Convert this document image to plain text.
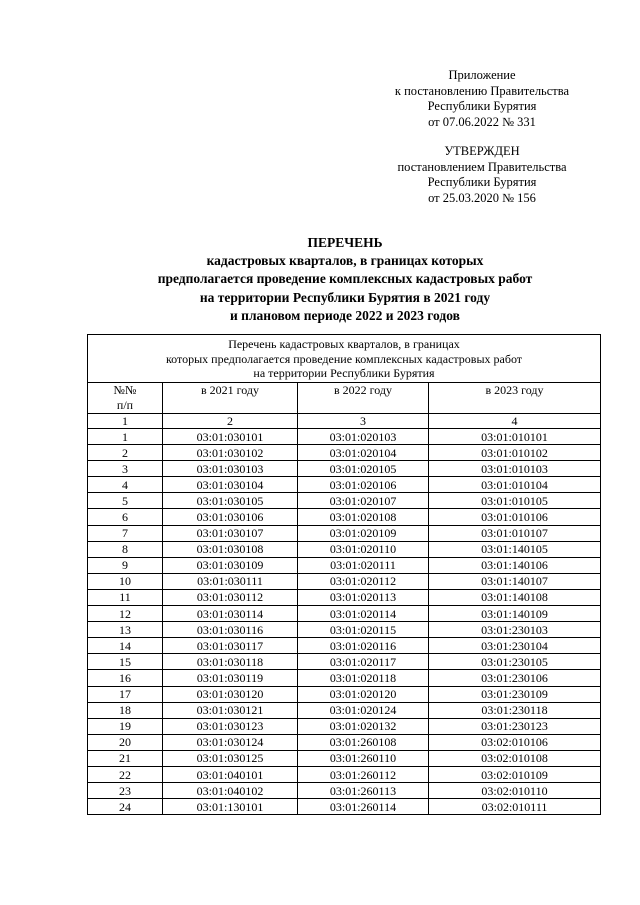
Приложение
к постановлению Правительства
Республики Бурятия
от 07.06.2022 № 331
УТВЕРЖДЕН
постановлением Правительства
Республики Бурятия
от 25.03.2020 № 156
ПЕРЕЧЕНЬ
кадастровых кварталов, в границах которых
предполагается проведение комплексных кадастровых работ
на территории Республики Бурятия в 2021 году
и плановом периоде 2022 и 2023 годов
Перечень кадастровых кварталов, в границах
которых предполагается проведение комплексных кадастровых работ
на территории Республики Бурятия			

№№
п/п	в 2021 году	в 2022 году	в 2023 году
1	2	3	4
1	03:01:030101	03:01:020103	03:01:010101
2	03:01:030102	03:01:020104	03:01:010102
3	03:01:030103	03:01:020105	03:01:010103
4	03:01:030104	03:01:020106	03:01:010104
5	03:01:030105	03:01:020107	03:01:010105
6	03:01:030106	03:01:020108	03:01:010106
7	03:01:030107	03:01:020109	03:01:010107
8	03:01:030108	03:01:020110	03:01:140105
9	03:01:030109	03:01:020111	03:01:140106
10	03:01:030111	03:01:020112	03:01:140107
11	03:01:030112	03:01:020113	03:01:140108
12	03:01:030114	03:01:020114	03:01:140109
13	03:01:030116	03:01:020115	03:01:230103
14	03:01:030117	03:01:020116	03:01:230104
15	03:01:030118	03:01:020117	03:01:230105
16	03:01:030119	03:01:020118	03:01:230106
17	03:01:030120	03:01:020120	03:01:230109
18	03:01:030121	03:01:020124	03:01:230118
19	03:01:030123	03:01:020132	03:01:230123
20	03:01:030124	03:01:260108	03:02:010106
21	03:01:030125	03:01:260110	03:02:010108
22	03:01:040101	03:01:260112	03:02:010109
23	03:01:040102	03:01:260113	03:02:010110
24	03:01:130101	03:01:260114	03:02:010111
